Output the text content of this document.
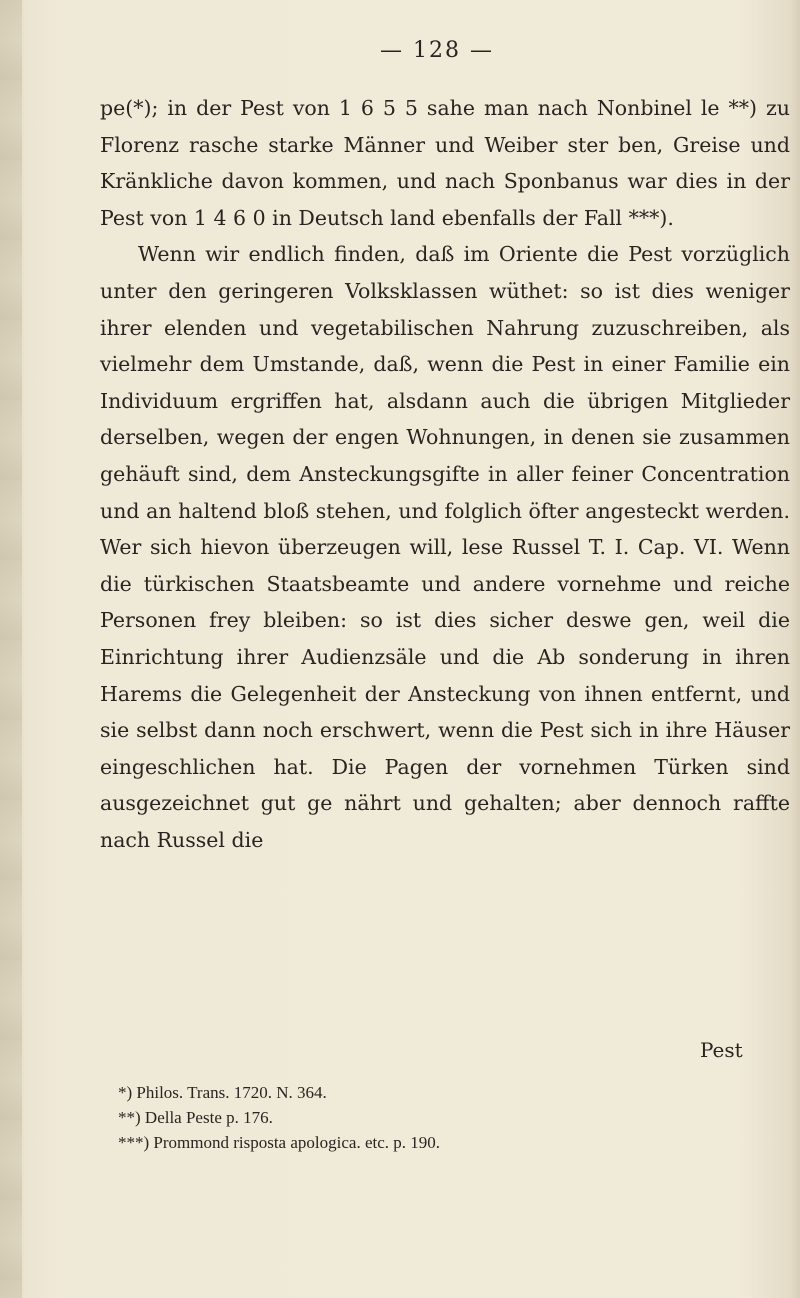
— 128 —

pe(*); in der Pest von 1 6 5 5 sahe man nach Nonbinel le **) zu Florenz rasche starke Männer und Weiber ster ben, Greise und Kränkliche davon kommen, und nach Sponbanus war dies in der Pest von 1 4 6 0 in Deutsch land ebenfalls der Fall ***).

Wenn wir endlich finden, daß im Oriente die Pest vorzüglich unter den geringeren Volksklassen wüthet: so ist dies weniger ihrer elenden und vegetabilischen Nahrung zuzuschreiben, als vielmehr dem Umstande, daß, wenn die Pest in einer Familie ein Individuum ergriffen hat, alsdann auch die übrigen Mitglieder derselben, wegen der engen Wohnungen, in denen sie zusammen gehäuft sind, dem Ansteckungsgifte in aller feiner Concentration und an haltend bloß stehen, und folglich öfter angesteckt werden. Wer sich hievon überzeugen will, lese Russel T. I. Cap. VI. Wenn die türkischen Staatsbeamte und andere vornehme und reiche Personen frey bleiben: so ist dies sicher deswe gen, weil die Einrichtung ihrer Audienzsäle und die Ab sonderung in ihren Harems die Gelegenheit der Ansteckung von ihnen entfernt, und sie selbst dann noch erschwert, wenn die Pest sich in ihre Häuser eingeschlichen hat. Die Pagen der vornehmen Türken sind ausgezeichnet gut ge nährt und gehalten; aber dennoch raffte nach Russel die

Pest
*) Philos. Trans. 1720. N. 364.
**) Della Peste p. 176.
***) Prommond risposta apologica. etc. p. 190.
